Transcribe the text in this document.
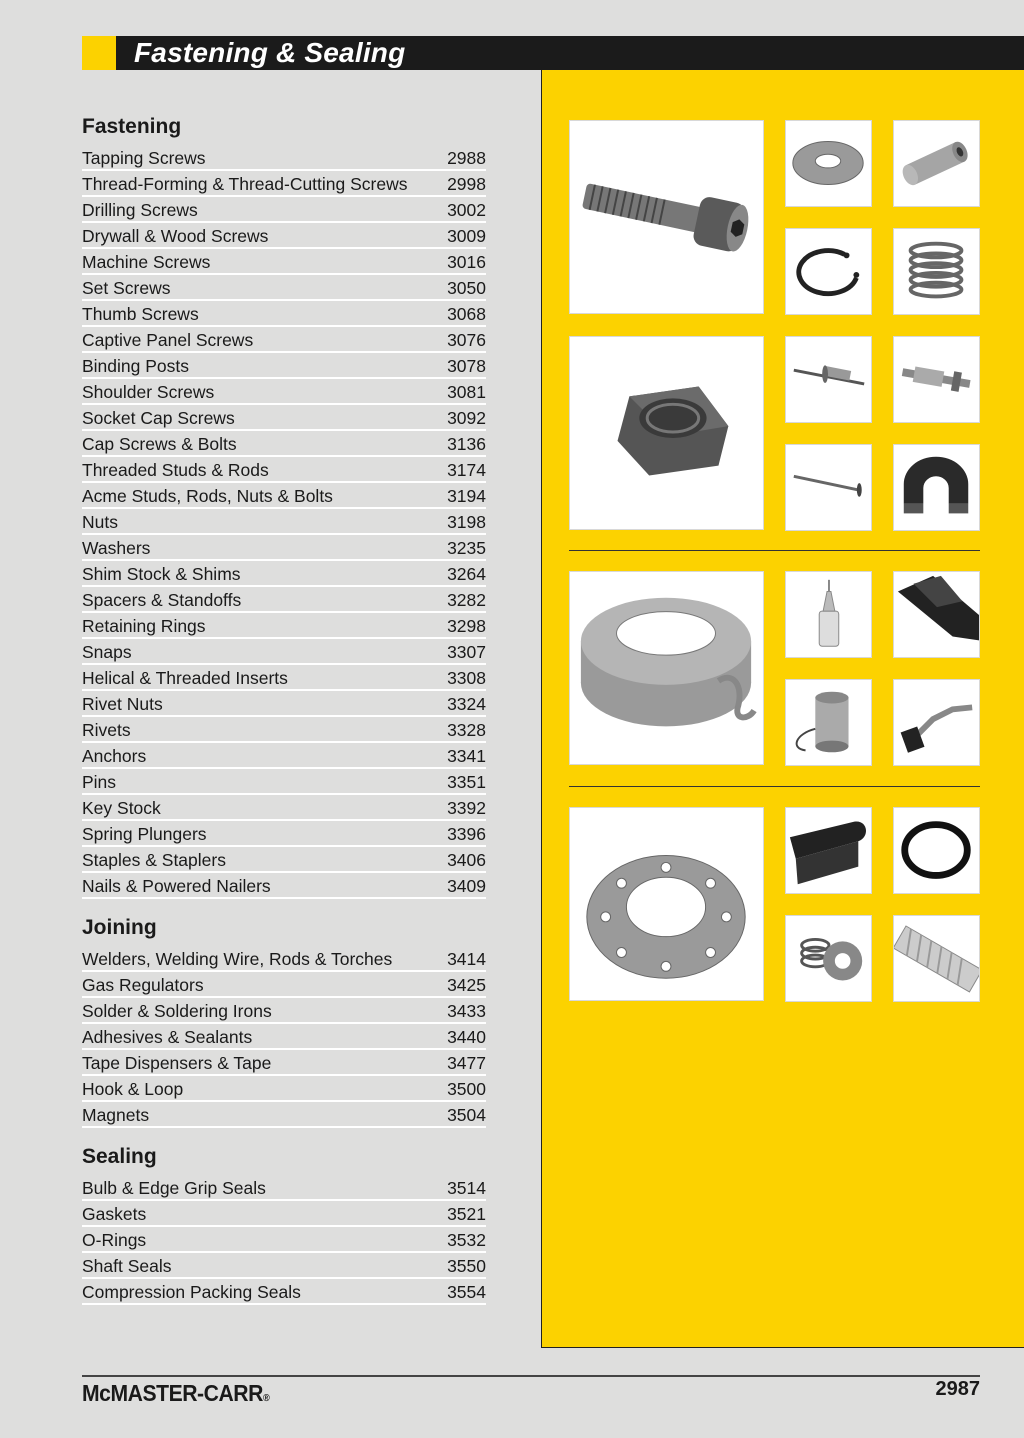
Fastening & Sealing
Fastening
Tapping Screws	2988
Thread-Forming & Thread-Cutting Screws 2998
Drilling Screws	3002
Drywall & Wood Screws	3009
Machine Screws	3016
Set Screws	3050
Thumb Screws	3068
Captive Panel Screws	3076
Binding Posts	3078
Shoulder Screws	3081
Socket Cap Screws	3092
Cap Screws & Bolts	3136
Threaded Studs & Rods	3174
Acme Studs, Rods, Nuts & Bolts	3194
Nuts	3198
Washers	3235
Shim Stock & Shims	3264
Spacers & Standoffs	3282
Retaining Rings	3298
Snaps	3307
Helical & Threaded Inserts	3308
Rivet Nuts	3324
Rivets	3328
Anchors	3341
Pins	3351
Key Stock	3392
Spring Plungers	3396
Staples & Staplers	3406
Nails & Powered Nailers	3409
Joining
Welders, Welding Wire, Rods & Torches	3414
Gas Regulators	3425
Solder & Soldering Irons	3433
Adhesives & Sealants	3440
Tape Dispensers & Tape	3477
Hook & Loop	3500
Magnets	3504
Sealing
Bulb & Edge Grip Seals	3514
Gaskets	3521
O-Rings	3532
Shaft Seals	3550
Compression Packing Seals	3554
McMASTER-CARR®	2987
